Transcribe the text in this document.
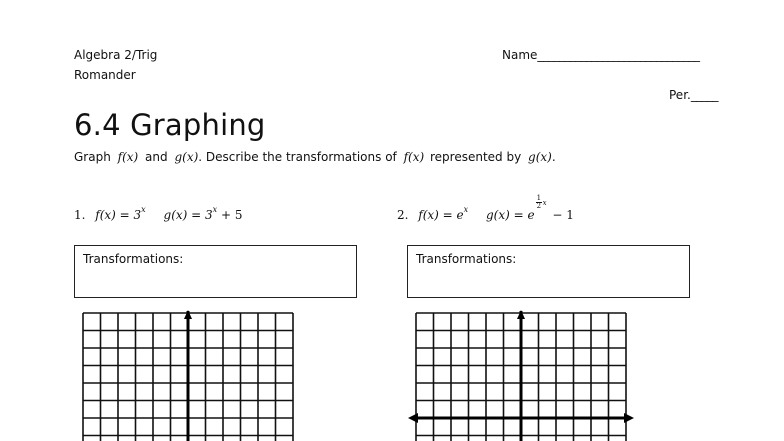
Algebra 2/Trig
Romander
Name______________________________
Per._____
6.4 Graphing
Graph f(x) and g(x). Describe the transformations of f(x) represented by g(x).
1. $f(x) = 3^x$ $g(x) = 3^x + 5$	2. $f(x) = e^x$ g(x) = e
1
2 x
− 1
Transformations:	Transformations:
